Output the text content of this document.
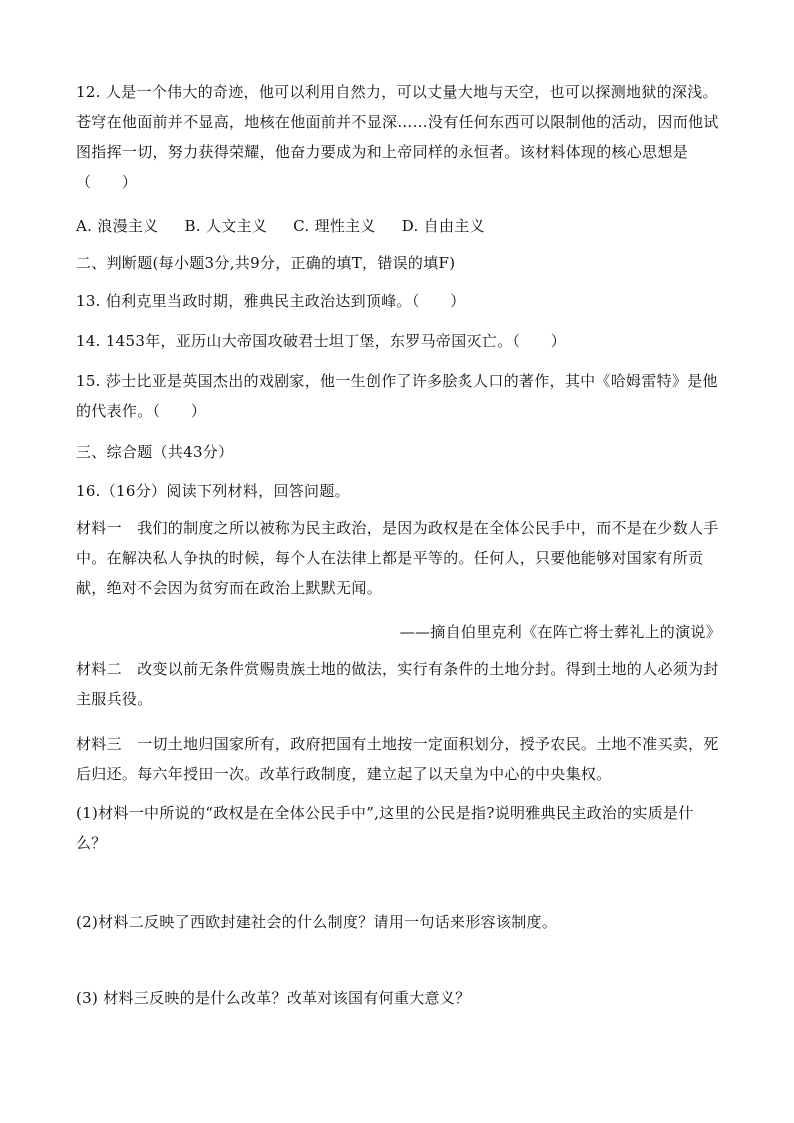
12. 人是一个伟大的奇迹，他可以利用自然力，可以丈量大地与天空，也可以探测地狱的深浅。苍穹在他面前并不显高，地核在他面前并不显深……没有任何东西可以限制他的活动，因而他试图指挥一切，努力获得荣耀，他奋力要成为和上帝同样的永恒者。该材料体现的核心思想是（　　）

A. 浪漫主义 B. 人文主义 C. 理性主义 D. 自由主义

二、判断题(每小题3分,共9分，正确的填T，错误的填F)

13. 伯利克里当政时期，雅典民主政治达到顶峰。（　　）

14. 1453年，亚历山大帝国攻破君士坦丁堡，东罗马帝国灭亡。（　　）

15. 莎士比亚是英国杰出的戏剧家，他一生创作了许多脍炙人口的著作，其中《哈姆雷特》是他的代表作。（　　）

三、综合题（共43分）

16.（16分）阅读下列材料，回答问题。

材料一　我们的制度之所以被称为民主政治，是因为政权是在全体公民手中，而不是在少数人手中。在解决私人争执的时候，每个人在法律上都是平等的。任何人，只要他能够对国家有所贡献，绝对不会因为贫穷而在政治上默默无闻。

——摘自伯里克利《在阵亡将士葬礼上的演说》

材料二　改变以前无条件赏赐贵族土地的做法，实行有条件的土地分封。得到土地的人必须为封主服兵役。

材料三　一切土地归国家所有，政府把国有土地按一定面积划分，授予农民。土地不准买卖，死后归还。每六年授田一次。改革行政制度，建立起了以天皇为中心的中央集权。

(1)材料一中所说的“政权是在全体公民手中”,这里的公民是指?说明雅典民主政治的实质是什么？

(2)材料二反映了西欧封建社会的什么制度？请用一句话来形容该制度。

(3) 材料三反映的是什么改革？改革对该国有何重大意义？
